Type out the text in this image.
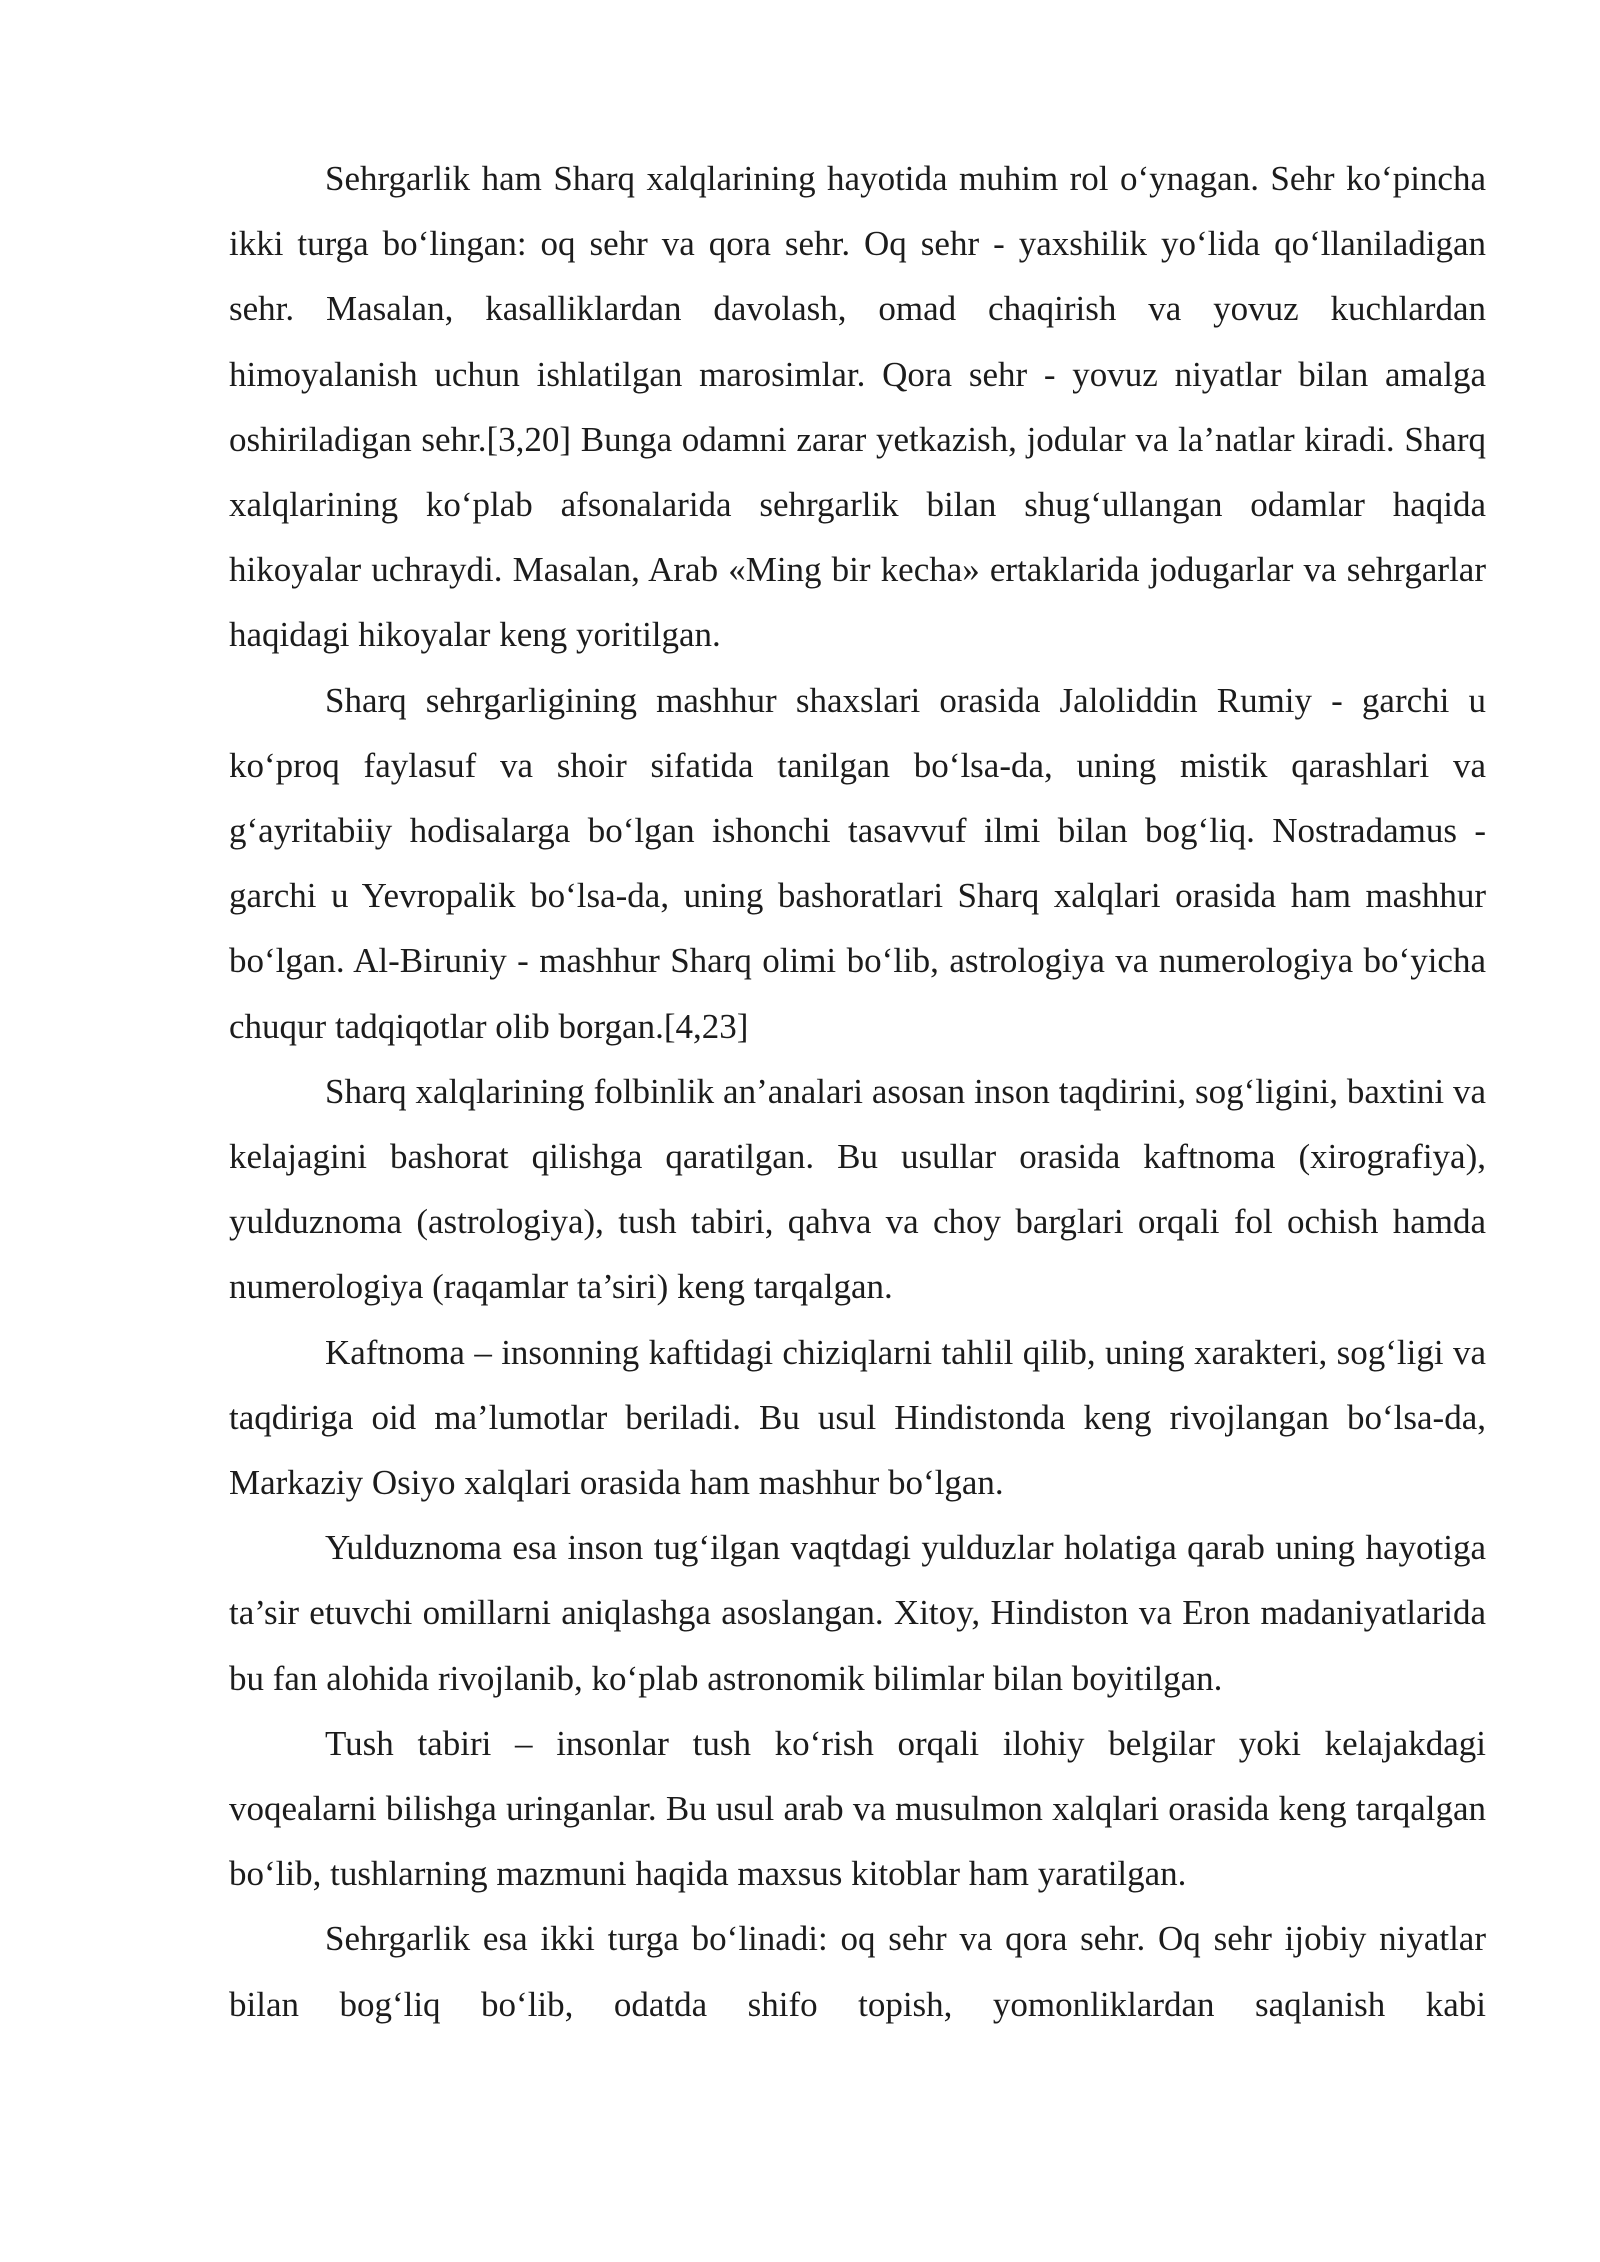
Sehrgarlik ham Sharq xalqlarining hayotida muhim rol oʻynagan. Sehr koʻpincha ikki turga boʻlingan: oq sehr va qora sehr. Oq sehr - yaxshilik yoʻlida qoʻllaniladigan sehr. Masalan, kasalliklardan davolash, omad chaqirish va yovuz kuchlardan himoyalanish uchun ishlatilgan marosimlar. Qora sehr - yovuz niyatlar bilan amalga oshiriladigan sehr.[3,20] Bunga odamni zarar yetkazish, jodular va la’natlar kiradi. Sharq xalqlarining koʻplab afsonalarida sehrgarlik bilan shugʻullangan odamlar haqida hikoyalar uchraydi. Masalan, Arab «Ming bir kecha» ertaklarida jodugarlar va sehrgarlar haqidagi hikoyalar keng yoritilgan.

Sharq sehrgarligining mashhur shaxslari orasida Jaloliddin Rumiy - garchi u koʻproq faylasuf va shoir sifatida tanilgan boʻlsa-da, uning mistik qarashlari va gʻayritabiiy hodisalarga boʻlgan ishonchi tasavvuf ilmi bilan bogʻliq. Nostradamus - garchi u Yevropalik boʻlsa-da, uning bashoratlari Sharq xalqlari orasida ham mashhur boʻlgan. Al-Biruniy - mashhur Sharq olimi boʻlib, astrologiya va numerologiya boʻyicha chuqur tadqiqotlar olib borgan.[4,23]

Sharq xalqlarining folbinlik an’analari asosan inson taqdirini, sogʻligini, baxtini va kelajagini bashorat qilishga qaratilgan. Bu usullar orasida kaftnoma (xirografiya), yulduznoma (astrologiya), tush tabiri, qahva va choy barglari orqali fol ochish hamda numerologiya (raqamlar ta’siri) keng tarqalgan.

Kaftnoma – insonning kaftidagi chiziqlarni tahlil qilib, uning xarakteri, sogʻligi va taqdiriga oid ma’lumotlar beriladi. Bu usul Hindistonda keng rivojlangan boʻlsa-da, Markaziy Osiyo xalqlari orasida ham mashhur boʻlgan.

Yulduznoma esa inson tugʻilgan vaqtdagi yulduzlar holatiga qarab uning hayotiga ta’sir etuvchi omillarni aniqlashga asoslangan. Xitoy, Hindiston va Eron madaniyatlarida bu fan alohida rivojlanib, koʻplab astronomik bilimlar bilan boyitilgan.

Tush tabiri – insonlar tush koʻrish orqali ilohiy belgilar yoki kelajakdagi voqealarni bilishga uringanlar. Bu usul arab va musulmon xalqlari orasida keng tarqalgan boʻlib, tushlarning mazmuni haqida maxsus kitoblar ham yaratilgan.

Sehrgarlik esa ikki turga boʻlinadi: oq sehr va qora sehr. Oq sehr ijobiy niyatlar bilan bogʻliq boʻlib, odatda shifo topish, yomonliklardan saqlanish kabi
